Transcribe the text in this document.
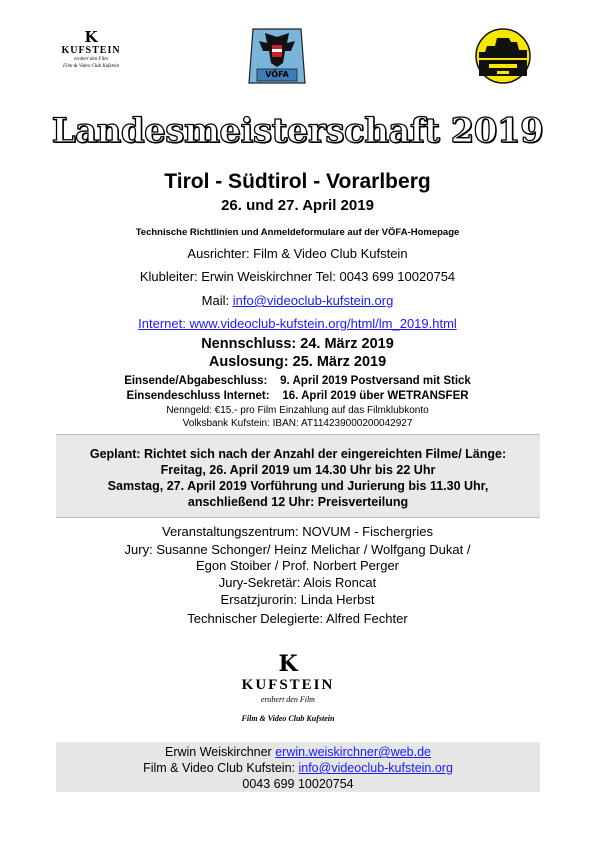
K
KUFSTEIN
erobert den Film
Film & Video Club Kufstein
VÖFA
Landesmeisterschaft 2019
Tirol - Südtirol - Vorarlberg
26. und 27. April 2019
Technische Richtlinien und Anmeldeformulare auf der VÖFA-Homepage
Ausrichter: Film & Video Club Kufstein
Klubleiter: Erwin Weiskirchner Tel: 0043 699 10020754
Mail: info@videoclub-kufstein.org
Internet: www.videoclub-kufstein.org/html/lm_2019.html
Nennschluss: 24. März 2019
Auslosung: 25. März 2019
Einsende/Abgabeschluss: 9. April 2019 Postversand mit Stick
Einsendeschluss Internet: 16. April 2019 über WETRANSFER
Nenngeld: €15.- pro Film Einzahlung auf das Filmklubkonto
Volksbank Kufstein: IBAN: AT114239000200042927
Geplant: Richtet sich nach der Anzahl der eingereichten Filme/ Länge:
Freitag, 26. April 2019 um 14.30 Uhr bis 22 Uhr
Samstag, 27. April 2019 Vorführung und Jurierung bis 11.30 Uhr,
anschließend 12 Uhr: Preisverteilung
Veranstaltungszentrum: NOVUM - Fischergries
Jury: Susanne Schonger/ Heinz Melichar / Wolfgang Dukat /
Egon Stoiber / Prof. Norbert Perger
Jury-Sekretär: Alois Roncat
Ersatzjurorin: Linda Herbst
Technischer Delegierte: Alfred Fechter
K
KUFSTEIN
erobert den Film
Film & Video Club Kufstein
Erwin Weiskirchner erwin.weiskirchner@web.de
Film & Video Club Kufstein: info@videoclub-kufstein.org
0043 699 10020754
